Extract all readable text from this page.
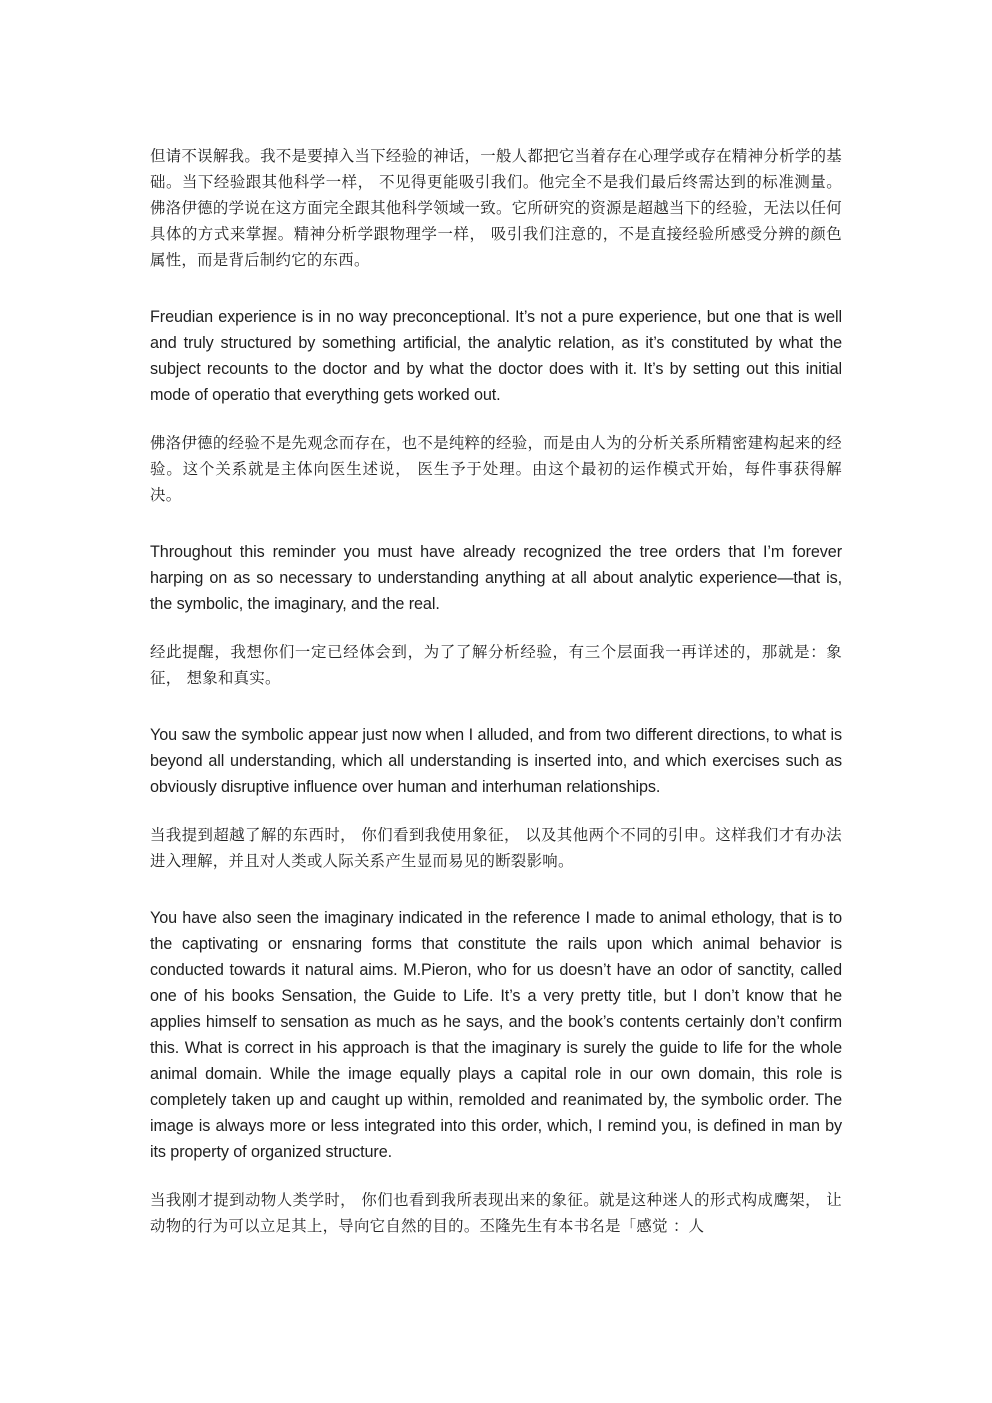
但请不误解我。我不是要掉入当下经验的神话，一般人都把它当着存在心理学或存在精神分析学的基础。当下经验跟其他科学一样， 不见得更能吸引我们。他完全不是我们最后终需达到的标准测量。佛洛伊德的学说在这方面完全跟其他科学领域一致。它所研究的资源是超越当下的经验，无法以任何具体的方式来掌握。精神分析学跟物理学一样， 吸引我们注意的，不是直接经验所感受分辨的颜色属性，而是背后制约它的东西。

Freudian experience is in no way preconceptional. It’s not a pure experience, but one that is well and truly structured by something artificial, the analytic relation, as it’s constituted by what the subject recounts to the doctor and by what the doctor does with it. It’s by setting out this initial mode of operatio that everything gets worked out.

佛洛伊德的经验不是先观念而存在，也不是纯粹的经验，而是由人为的分析关系所精密建构起来的经验。这个关系就是主体向医生述说， 医生予于处理。由这个最初的运作模式开始，每件事获得解决。

Throughout this reminder you must have already recognized the tree orders that I’m forever harping on as so necessary to understanding anything at all about analytic experience—that is, the symbolic, the imaginary, and the real.

经此提醒，我想你们一定已经体会到，为了了解分析经验，有三个层面我一再详述的，那就是：象征， 想象和真实。

You saw the symbolic appear just now when I alluded, and from two different directions, to what is beyond all understanding, which all understanding is inserted into, and which exercises such as obviously disruptive influence over human and interhuman relationships.

当我提到超越了解的东西时， 你们看到我使用象征， 以及其他两个不同的引申。这样我们才有办法进入理解，并且对人类或人际关系产生显而易见的断裂影响。

You have also seen the imaginary indicated in the reference I made to animal ethology, that is to the captivating or ensnaring forms that constitute the rails upon which animal behavior is conducted towards it natural aims. M.Pieron, who for us doesn’t have an odor of sanctity, called one of his books Sensation, the Guide to Life. It’s a very pretty title, but I don’t know that he applies himself to sensation as much as he says, and the book’s contents certainly don’t confirm this. What is correct in his approach is that the imaginary is surely the guide to life for the whole animal domain. While the image equally plays a capital role in our own domain, this role is completely taken up and caught up within, remolded and reanimated by, the symbolic order. The image is always more or less integrated into this order, which, I remind you, is defined in man by its property of organized structure.

当我刚才提到动物人类学时， 你们也看到我所表现出来的象征。就是这种迷人的形式构成鹰架， 让动物的行为可以立足其上，导向它自然的目的。丕隆先生有本书名是「感觉 ：人
